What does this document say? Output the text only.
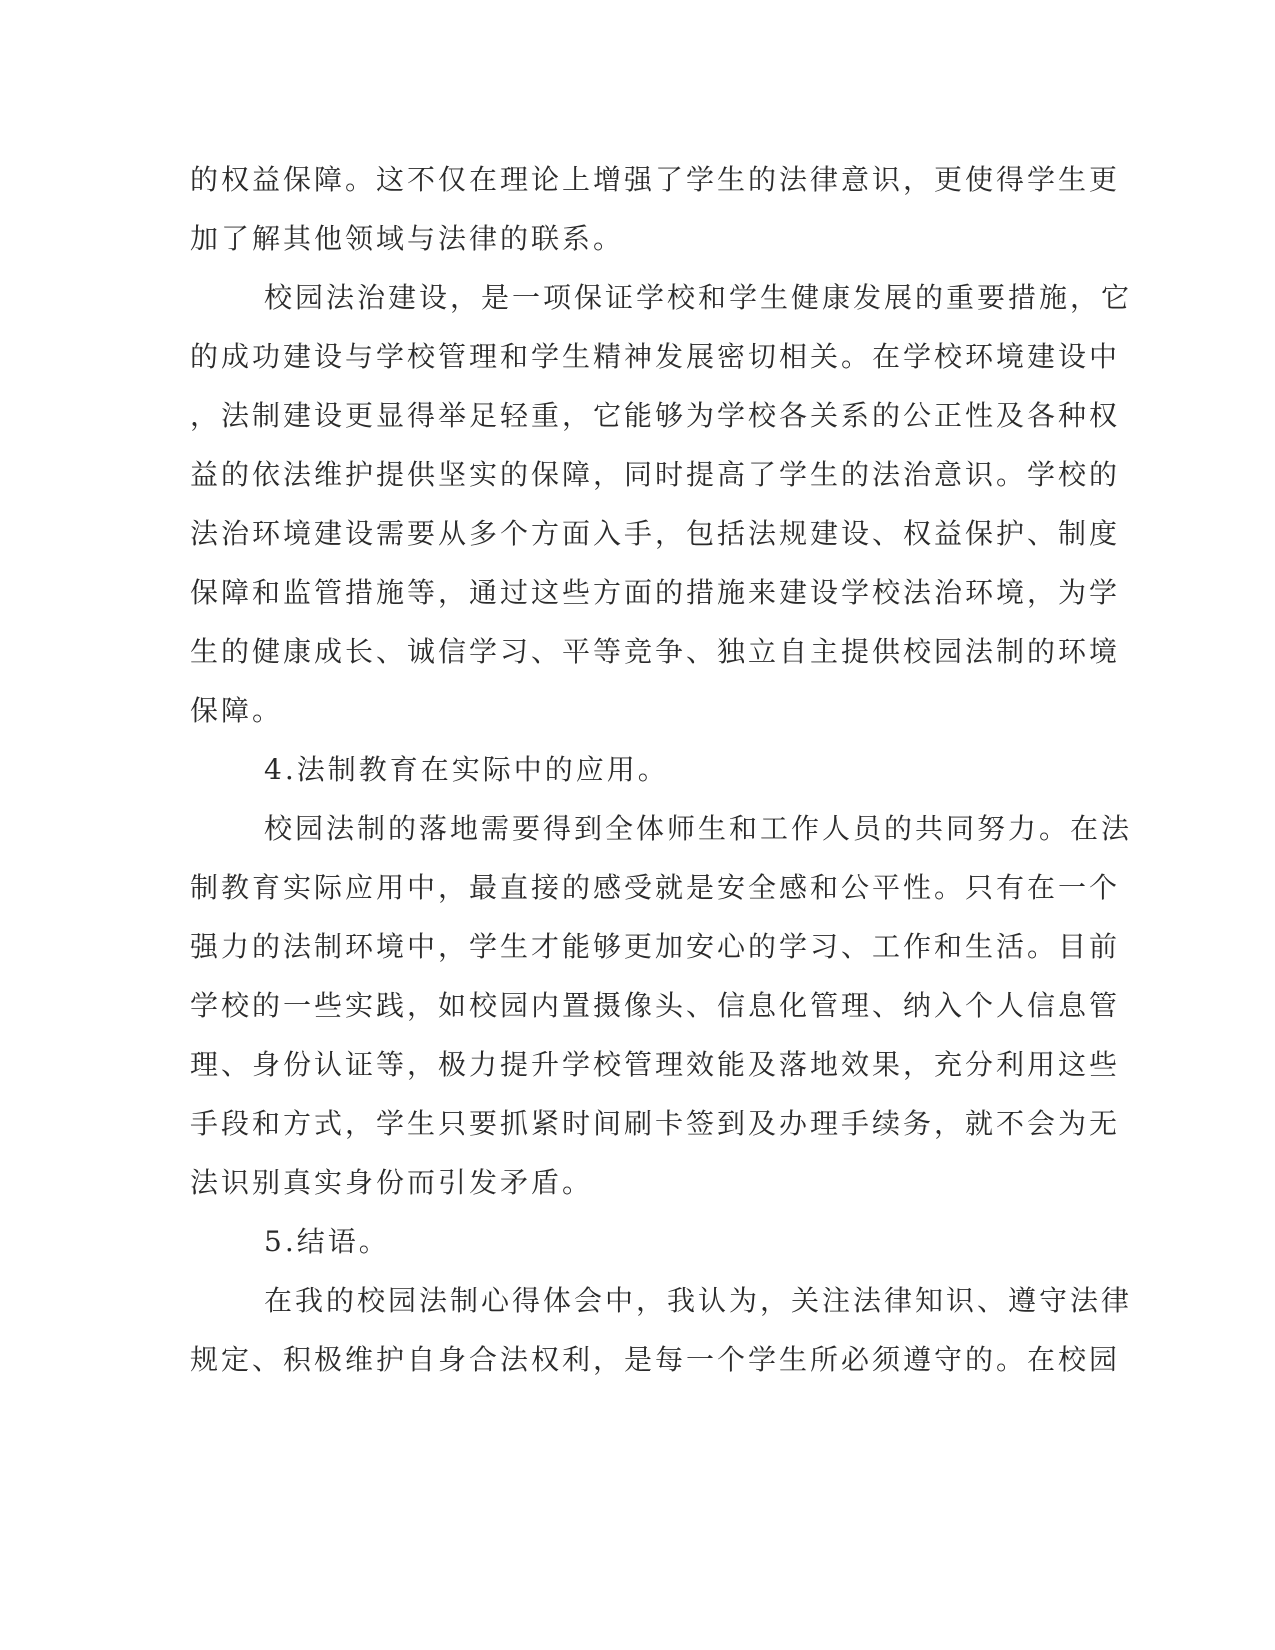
的权益保障。这不仅在理论上增强了学生的法律意识，更使得学生更
加了解其他领域与法律的联系。
校园法治建设，是一项保证学校和学生健康发展的重要措施，它
的成功建设与学校管理和学生精神发展密切相关。在学校环境建设中
，法制建设更显得举足轻重，它能够为学校各关系的公正性及各种权
益的依法维护提供坚实的保障，同时提高了学生的法治意识。学校的
法治环境建设需要从多个方面入手，包括法规建设、权益保护、制度
保障和监管措施等，通过这些方面的措施来建设学校法治环境，为学
生的健康成长、诚信学习、平等竞争、独立自主提供校园法制的环境
保障。
4.法制教育在实际中的应用。
校园法制的落地需要得到全体师生和工作人员的共同努力。在法
制教育实际应用中，最直接的感受就是安全感和公平性。只有在一个
强力的法制环境中，学生才能够更加安心的学习、工作和生活。目前
学校的一些实践，如校园内置摄像头、信息化管理、纳入个人信息管
理、身份认证等，极力提升学校管理效能及落地效果，充分利用这些
手段和方式，学生只要抓紧时间刷卡签到及办理手续务，就不会为无
法识别真实身份而引发矛盾。
5.结语。
在我的校园法制心得体会中，我认为，关注法律知识、遵守法律
规定、积极维护自身合法权利，是每一个学生所必须遵守的。在校园
